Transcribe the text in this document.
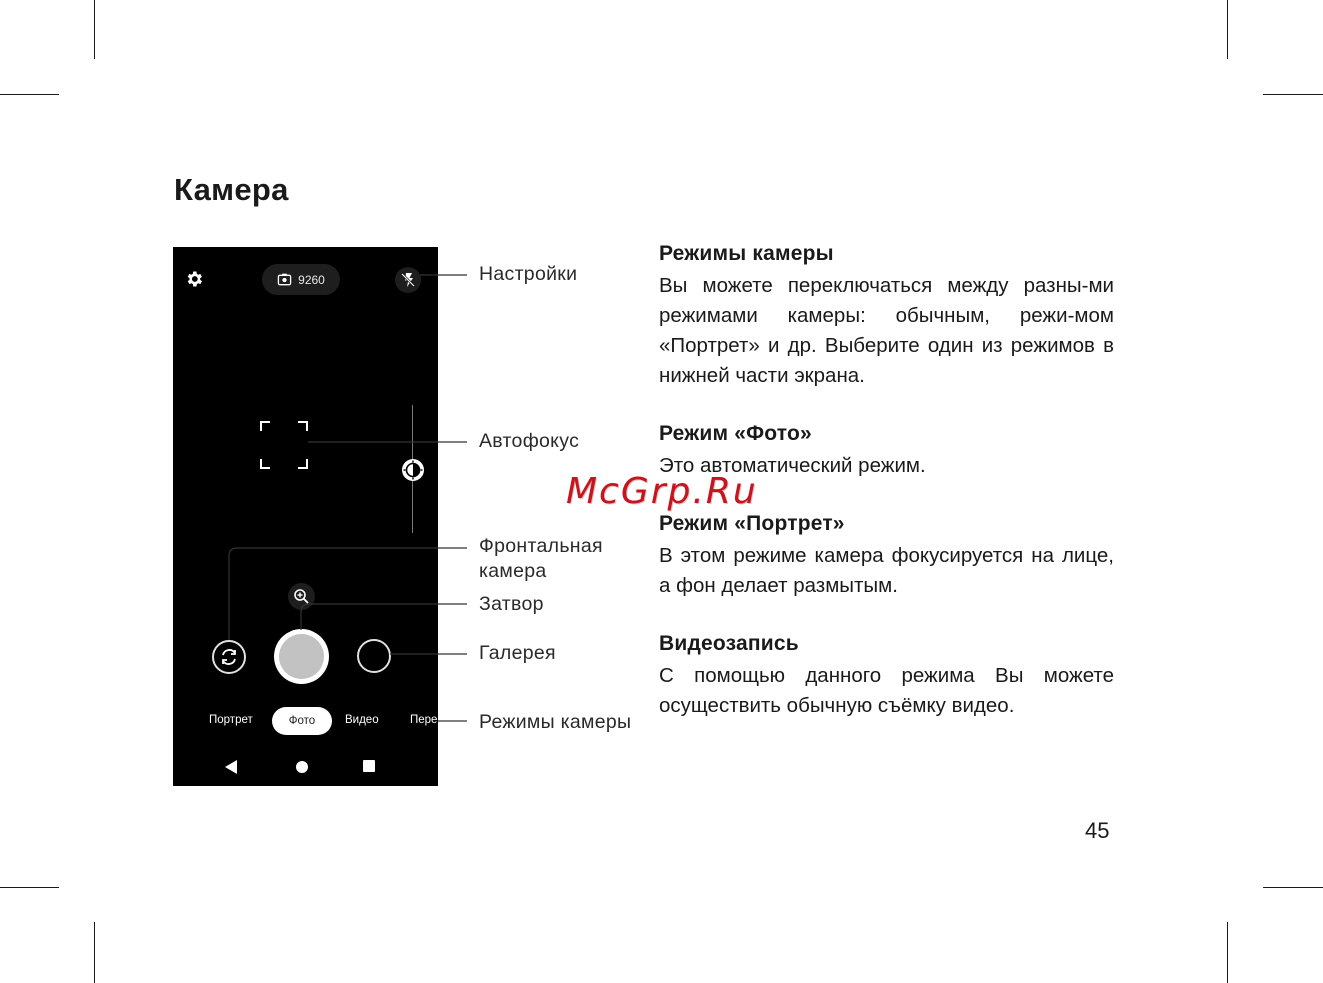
Камера
9260
Портрет	Фото	Видео	Пере
Настройки
Автофокус
Фронтальная
камера
Затвор
Галерея
Режимы камеры
Режимы камеры

Вы можете переключаться между разны-ми режимами камеры: обычным, режи-мом «Портрет» и др. Выберите один из режимов в нижней части экрана.

Режим «Фото»

Это автоматический режим.

Режим «Портрет»

В этом режиме камера фокусируется на лице, а фон делает размытым.

Видеозапись

С помощью данного режима Вы можете осуществить обычную съёмку видео.

McGrp.Ru
45
